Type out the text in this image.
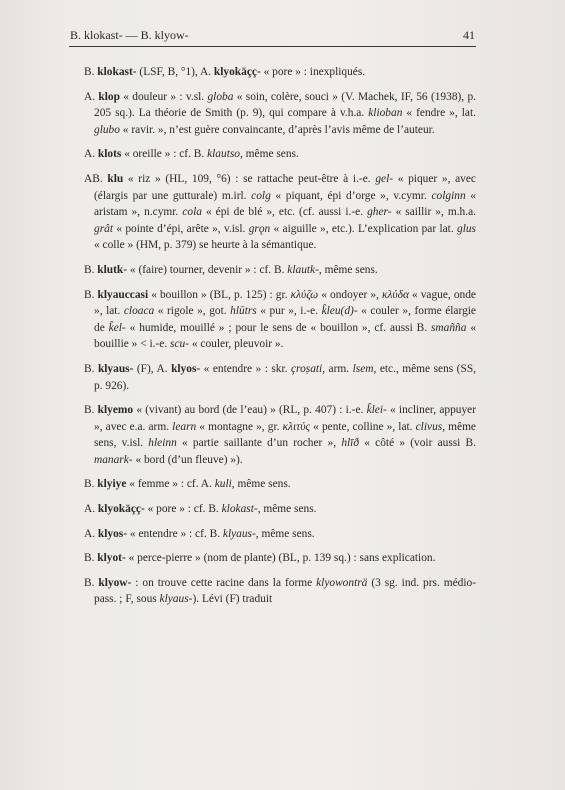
B. klokast- — B. klyow-	41

B. klokast- (LSF, B, °1), A. klyokäçç- « pore » : inexpliqués.

A. klop « douleur » : v.sl. globa « soin, colère, souci » (V. Machek, IF, 56 (1938), p. 205 sq.). La théorie de Smith (p. 9), qui compare à v.h.a. klioban « fendre », lat. glubo « ravir. », n’est guère convaincante, d’après l’avis même de l’auteur.

A. klots « oreille » : cf. B. klautso, même sens.

AB. klu « riz » (HL, 109, °6) : se rattache peut-être à i.-e. gel- « piquer », avec (élargis par une gutturale) m.irl. colg « piquant, épi d’orge », v.cymr. colginn « aristam », n.cymr. cola « épi de blé », etc. (cf. aussi i.-e. gher- « saillir », m.h.a. grât « pointe d’épi, arête », v.isl. grǫn « aiguille », etc.). L’explication par lat. glus « colle » (HM, p. 379) se heurte à la sémantique.

B. klutk- « (faire) tourner, devenir » : cf. B. klautk-, même sens.

B. klyauccasi « bouillon » (BL, p. 125) : gr. κλύζω « ondoyer », κλύδα « vague, onde », lat. cloaca « rigole », got. hlūtrs « pur », i.-e. k̑leu(d)- « couler », forme élargie de k̑el- « humide, mouillé » ; pour le sens de « bouillon », cf. aussi B. smañña « bouillie » < i.-e. scu- « couler, pleuvoir ».

B. klyaus- (F), A. klyos- « entendre » : skr. çroṣati, arm. lsem, etc., même sens (SS, p. 926).

B. klyemo « (vivant) au bord (de l’eau) » (RL, p. 407) : i.-e. k̑lei- « incliner, appuyer », avec e.a. arm. learn « montagne », gr. κλιτύς « pente, colline », lat. clivus, même sens, v.isl. hleinn « partie saillante d’un rocher », hlīð « côté » (voir aussi B. manark- « bord (d’un fleuve) »).

B. klyiye « femme » : cf. A. kuli, même sens.

A. klyokäçç- « pore » : cf. B. klokast-, même sens.

A. klyos- « entendre » : cf. B. klyaus-, même sens.

B. klyot- « perce-pierre » (nom de plante) (BL, p. 139 sq.) : sans explication.

B. klyow- : on trouve cette racine dans la forme klyowonträ (3 sg. ind. prs. médio-pass. ; F, sous klyaus-). Lévi (F) traduit
